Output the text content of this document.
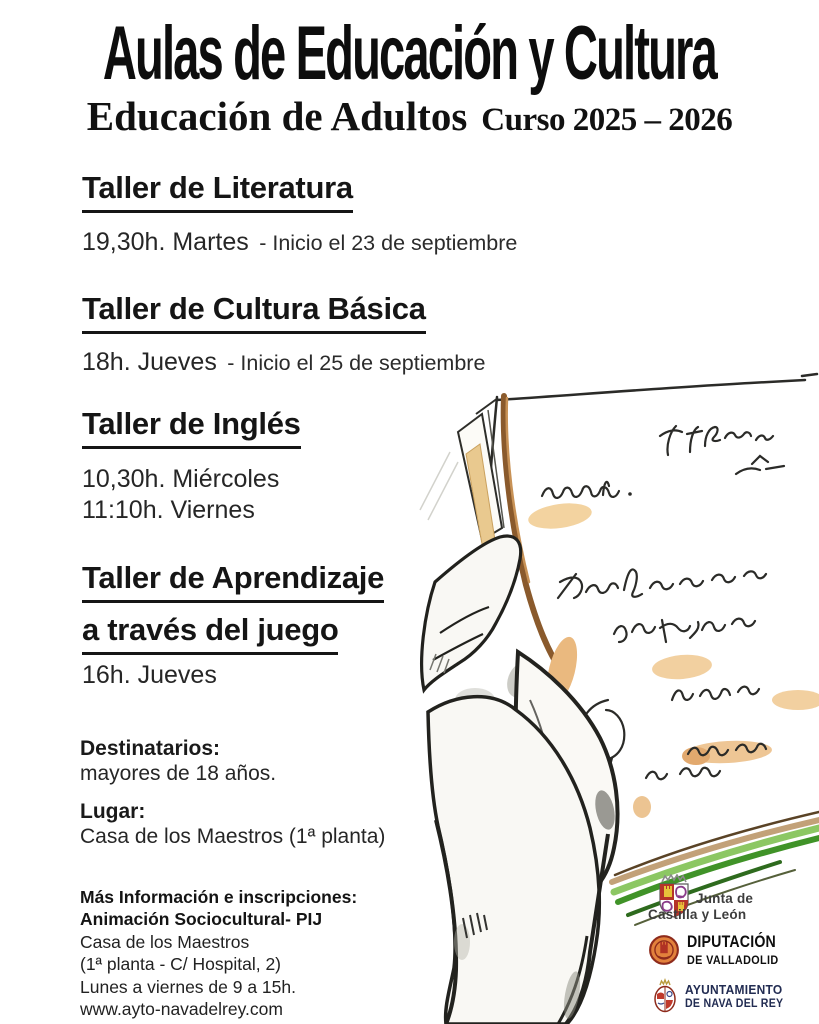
Aulas de Educación y Cultura
Educación de Adultos Curso 2025 – 2026
Taller de Literatura
19,30h. Martes - Inicio el 23 de septiembre
Taller de Cultura Básica
18h. Jueves - Inicio el 25 de septiembre
Taller de Inglés
10,30h. Miércoles
11:10h. Viernes
Taller de Aprendizaje
a través del juego
16h. Jueves
Destinatarios:
mayores de 18 años.
Lugar:
Casa de los Maestros (1ª planta)
Más Información e inscripciones:
Animación Sociocultural- PIJ
Casa de los Maestros
(1ª planta - C/ Hospital, 2)
Lunes a viernes de 9 a 15h.
www.ayto-navadelrey.com
Junta de
Castilla y León
DIPUTACIÓN
DE VALLADOLID
AYUNTAMIENTO
DE NAVA DEL REY
